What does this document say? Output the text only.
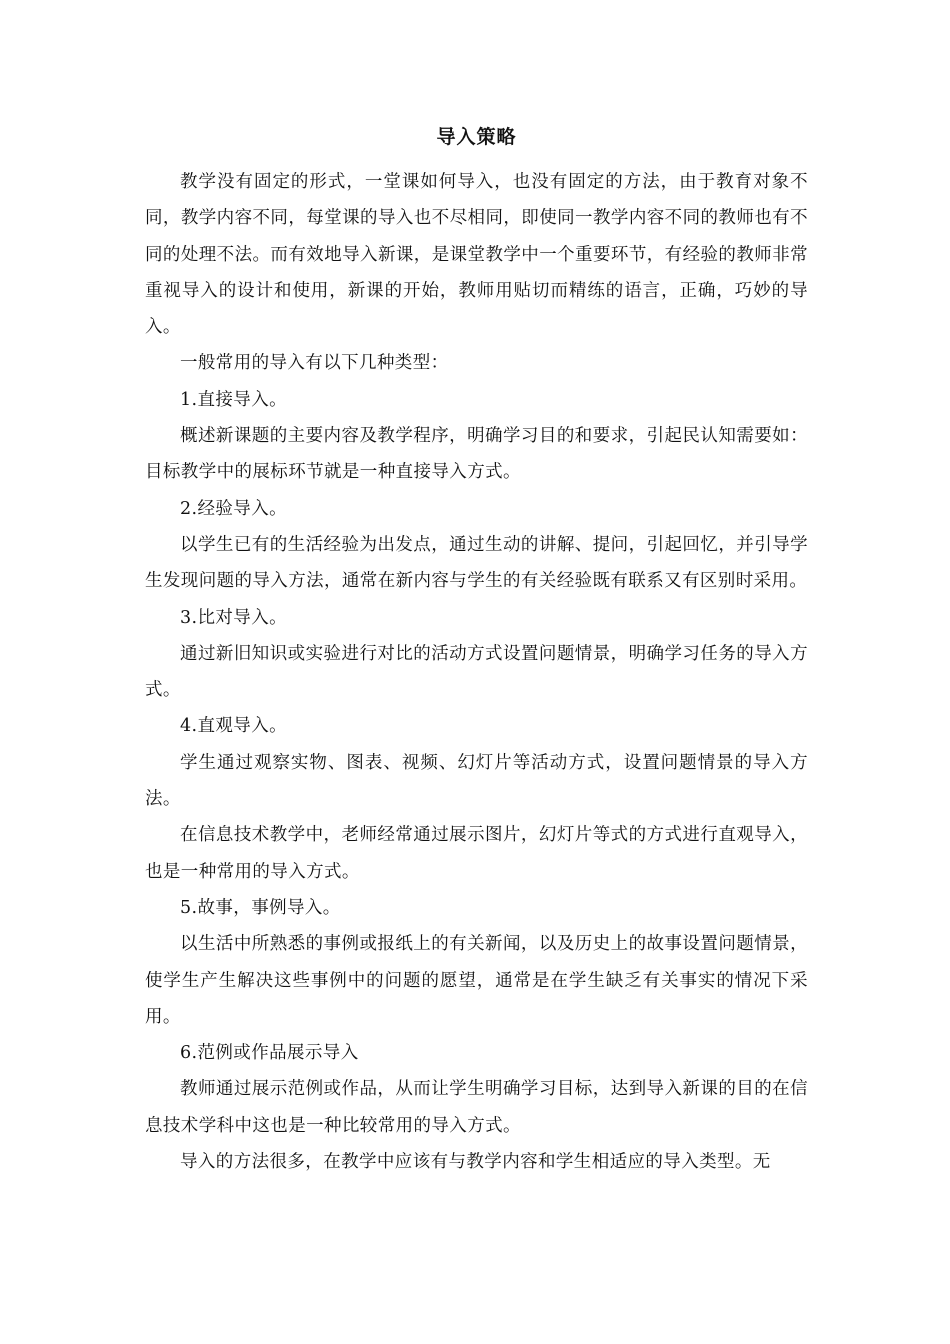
导入策略

教学没有固定的形式，一堂课如何导入，也没有固定的方法，由于教育对象不同，教学内容不同，每堂课的导入也不尽相同，即使同一教学内容不同的教师也有不同的处理不法。而有效地导入新课，是课堂教学中一个重要环节，有经验的教师非常重视导入的设计和使用，新课的开始，教师用贴切而精练的语言，正确，巧妙的导入。

一般常用的导入有以下几种类型：

1.直接导入。

概述新课题的主要内容及教学程序，明确学习目的和要求，引起民认知需要如：目标教学中的展标环节就是一种直接导入方式。

2.经验导入。

以学生已有的生活经验为出发点，通过生动的讲解、提问，引起回忆，并引导学生发现问题的导入方法，通常在新内容与学生的有关经验既有联系又有区别时采用。

3.比对导入。

通过新旧知识或实验进行对比的活动方式设置问题情景，明确学习任务的导入方式。

4.直观导入。

学生通过观察实物、图表、视频、幻灯片等活动方式，设置问题情景的导入方法。

在信息技术教学中，老师经常通过展示图片，幻灯片等式的方式进行直观导入，也是一种常用的导入方式。

5.故事，事例导入。

以生活中所熟悉的事例或报纸上的有关新闻，以及历史上的故事设置问题情景，使学生产生解决这些事例中的问题的愿望，通常是在学生缺乏有关事实的情况下采用。

6.范例或作品展示导入

教师通过展示范例或作品，从而让学生明确学习目标，达到导入新课的目的在信息技术学科中这也是一种比较常用的导入方式。

导入的方法很多，在教学中应该有与教学内容和学生相适应的导入类型。无
